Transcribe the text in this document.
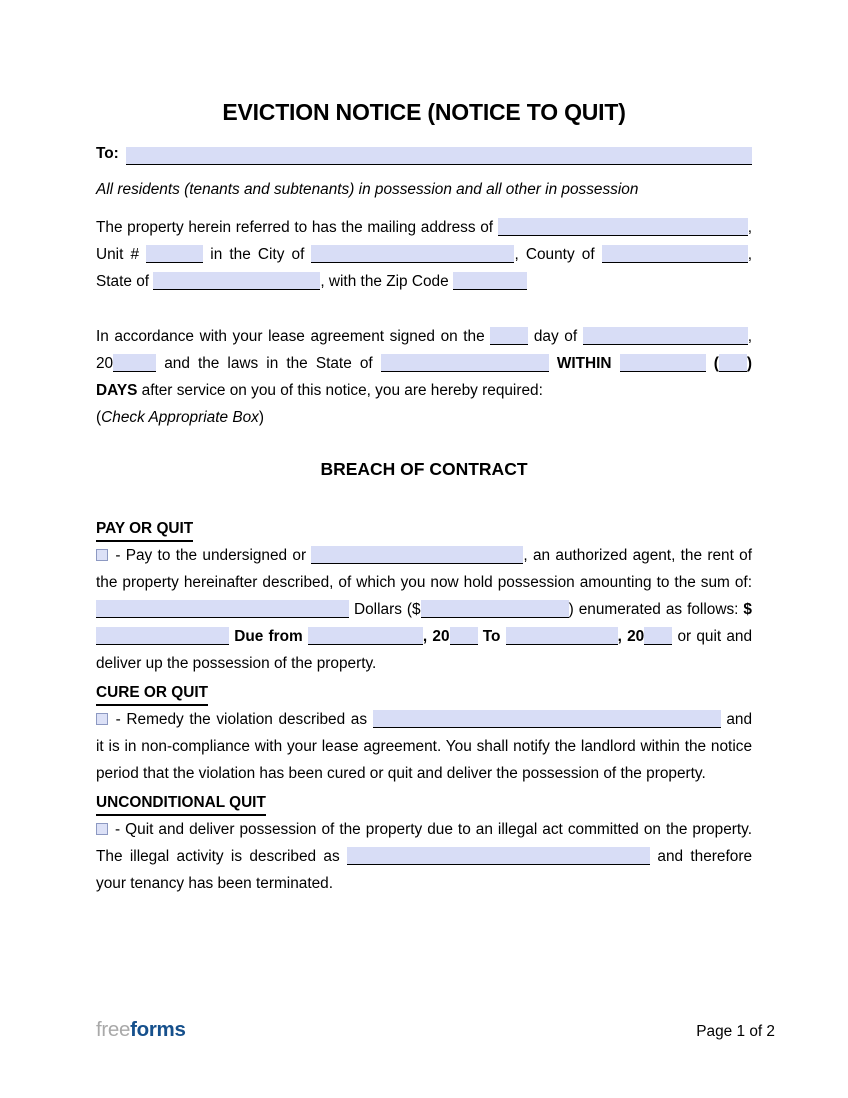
EVICTION NOTICE (NOTICE TO QUIT)
To:
All residents (tenants and subtenants) in possession and all other in possession

The property herein referred to has the mailing address of	, Unit #	in the City of	, County of	, State of	, with the Zip Code

In accordance with your lease agreement signed on the	day of	, 20	and the laws in the State of	WITHIN	( ) DAYS after service on you of this notice, you are hereby required:

(Check Appropriate Box)
BREACH OF CONTRACT
PAY OR QUIT

- Pay to the undersigned or	, an authorized agent, the rent of the property hereinafter described, of which you now hold possession amounting to the sum of:  Dollars ($	) enumerated as follows: $ Due from	, 20 To	, 20 or quit and deliver up the possession of the property.

CURE OR QUIT

- Remedy the violation described as	and it is in non-compliance with your lease agreement. You shall notify the landlord within the notice period that the violation has been cured or quit and deliver the possession of the property.

UNCONDITIONAL QUIT

- Quit and deliver possession of the property due to an illegal act committed on the property. The illegal activity is described as	and therefore your tenancy has been terminated.

freeforms	Page 1 of 2
